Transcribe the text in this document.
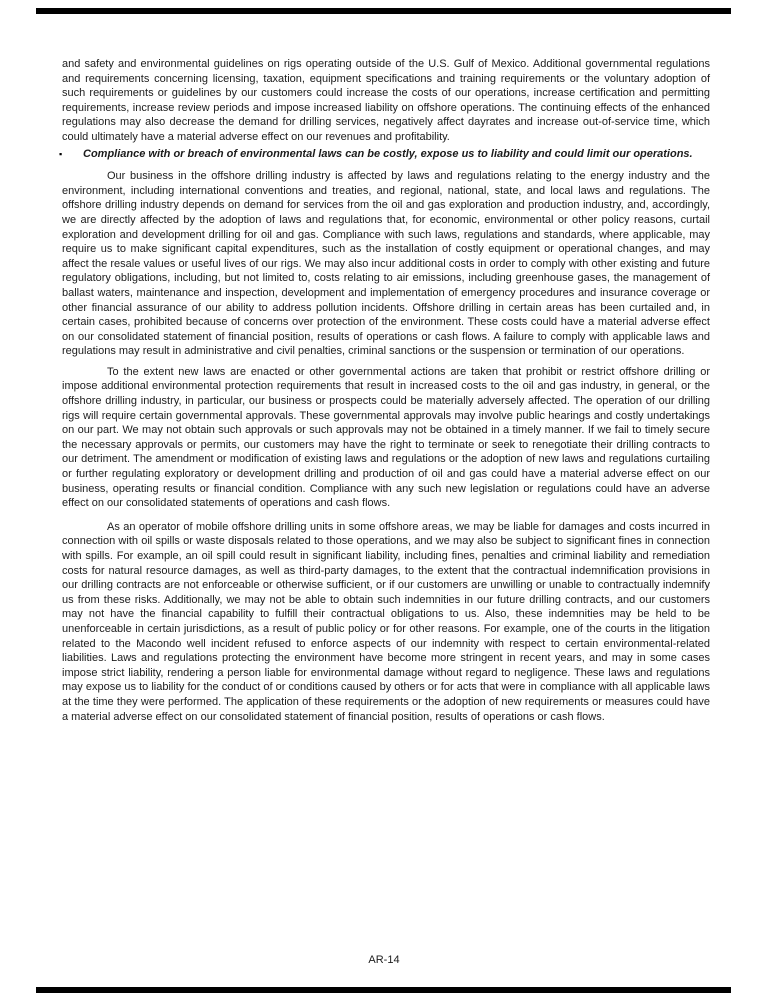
and safety and environmental guidelines on rigs operating outside of the U.S. Gulf of Mexico. Additional governmental regulations and requirements concerning licensing, taxation, equipment specifications and training requirements or the voluntary adoption of such requirements or guidelines by our customers could increase the costs of our operations, increase certification and permitting requirements, increase review periods and impose increased liability on offshore operations. The continuing effects of the enhanced regulations may also decrease the demand for drilling services, negatively affect dayrates and increase out-of-service time, which could ultimately have a material adverse effect on our revenues and profitability.

▪	Compliance with or breach of environmental laws can be costly, expose us to liability and could limit our operations.

Our business in the offshore drilling industry is affected by laws and regulations relating to the energy industry and the environment, including international conventions and treaties, and regional, national, state, and local laws and regulations. The offshore drilling industry depends on demand for services from the oil and gas exploration and production industry, and, accordingly, we are directly affected by the adoption of laws and regulations that, for economic, environmental or other policy reasons, curtail exploration and development drilling for oil and gas. Compliance with such laws, regulations and standards, where applicable, may require us to make significant capital expenditures, such as the installation of costly equipment or operational changes, and may affect the resale values or useful lives of our rigs. We may also incur additional costs in order to comply with other existing and future regulatory obligations, including, but not limited to, costs relating to air emissions, including greenhouse gases, the management of ballast waters, maintenance and inspection, development and implementation of emergency procedures and insurance coverage or other financial assurance of our ability to address pollution incidents. Offshore drilling in certain areas has been curtailed and, in certain cases, prohibited because of concerns over protection of the environment. These costs could have a material adverse effect on our consolidated statement of financial position, results of operations or cash flows. A failure to comply with applicable laws and regulations may result in administrative and civil penalties, criminal sanctions or the suspension or termination of our operations.

To the extent new laws are enacted or other governmental actions are taken that prohibit or restrict offshore drilling or impose additional environmental protection requirements that result in increased costs to the oil and gas industry, in general, or the offshore drilling industry, in particular, our business or prospects could be materially adversely affected. The operation of our drilling rigs will require certain governmental approvals. These governmental approvals may involve public hearings and costly undertakings on our part. We may not obtain such approvals or such approvals may not be obtained in a timely manner. If we fail to timely secure the necessary approvals or permits, our customers may have the right to terminate or seek to renegotiate their drilling contracts to our detriment. The amendment or modification of existing laws and regulations or the adoption of new laws and regulations curtailing or further regulating exploratory or development drilling and production of oil and gas could have a material adverse effect on our business, operating results or financial condition. Compliance with any such new legislation or regulations could have an adverse effect on our consolidated statements of operations and cash flows.

As an operator of mobile offshore drilling units in some offshore areas, we may be liable for damages and costs incurred in connection with oil spills or waste disposals related to those operations, and we may also be subject to significant fines in connection with spills. For example, an oil spill could result in significant liability, including fines, penalties and criminal liability and remediation costs for natural resource damages, as well as third-party damages, to the extent that the contractual indemnification provisions in our drilling contracts are not enforceable or otherwise sufficient, or if our customers are unwilling or unable to contractually indemnify us from these risks. Additionally, we may not be able to obtain such indemnities in our future drilling contracts, and our customers may not have the financial capability to fulfill their contractual obligations to us. Also, these indemnities may be held to be unenforceable in certain jurisdictions, as a result of public policy or for other reasons. For example, one of the courts in the litigation related to the Macondo well incident refused to enforce aspects of our indemnity with respect to certain environmental-related liabilities. Laws and regulations protecting the environment have become more stringent in recent years, and may in some cases impose strict liability, rendering a person liable for environmental damage without regard to negligence. These laws and regulations may expose us to liability for the conduct of or conditions caused by others or for acts that were in compliance with all applicable laws at the time they were performed. The application of these requirements or the adoption of new requirements or measures could have a material adverse effect on our consolidated statement of financial position, results of operations or cash flows.

AR-14
